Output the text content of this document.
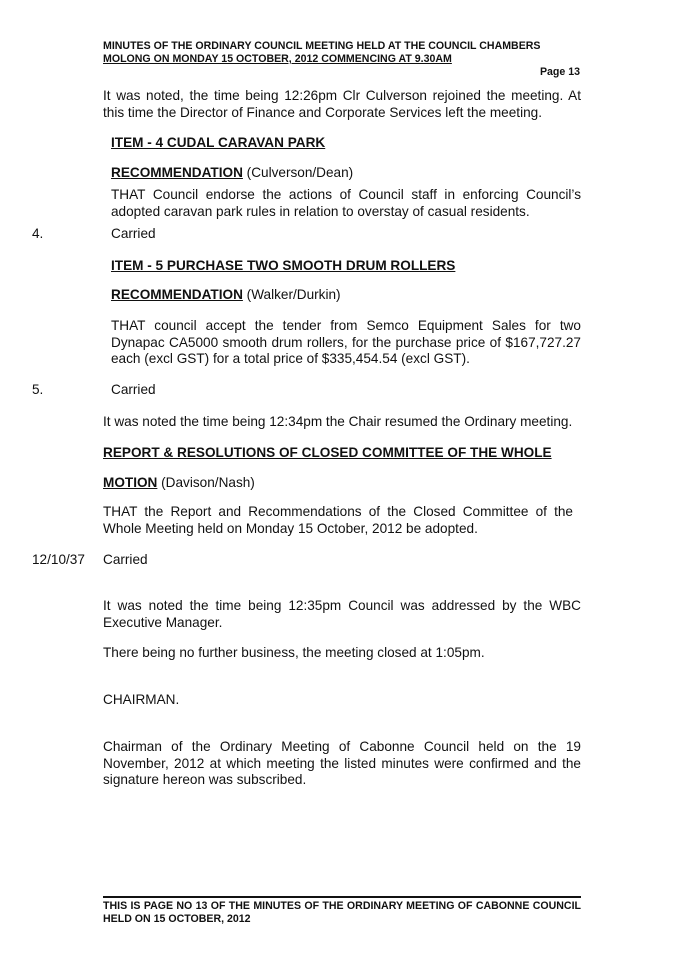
MINUTES OF THE ORDINARY COUNCIL MEETING HELD AT THE COUNCIL CHAMBERS
MOLONG ON MONDAY 15 OCTOBER, 2012 COMMENCING AT 9.30AM
Page 13
It was noted, the time being 12:26pm Clr Culverson rejoined the meeting. At this time the Director of Finance and Corporate Services left the meeting.
ITEM - 4 CUDAL CARAVAN PARK
RECOMMENDATION (Culverson/Dean)
THAT Council endorse the actions of Council staff in enforcing Council’s adopted caravan park rules in relation to overstay of casual residents.
4.	Carried
ITEM - 5 PURCHASE TWO SMOOTH DRUM ROLLERS
RECOMMENDATION (Walker/Durkin)
THAT council accept the tender from Semco Equipment Sales for two Dynapac CA5000 smooth drum rollers, for the purchase price of $167,727.27 each (excl GST) for a total price of $335,454.54 (excl GST).
5.	Carried
It was noted the time being 12:34pm the Chair resumed the Ordinary meeting.
REPORT & RESOLUTIONS OF CLOSED COMMITTEE OF THE WHOLE
MOTION (Davison/Nash)
THAT the Report and Recommendations of the Closed Committee of the Whole Meeting held on Monday 15 October, 2012 be adopted.
12/10/37 Carried
It was noted the time being 12:35pm Council was addressed by the WBC Executive Manager.
There being no further business, the meeting closed at 1:05pm.
CHAIRMAN.
Chairman of the Ordinary Meeting of Cabonne Council held on the 19 November, 2012 at which meeting the listed minutes were confirmed and the signature hereon was subscribed.
THIS IS PAGE NO 13 OF THE MINUTES OF THE ORDINARY MEETING OF CABONNE COUNCIL HELD ON 15 OCTOBER, 2012
